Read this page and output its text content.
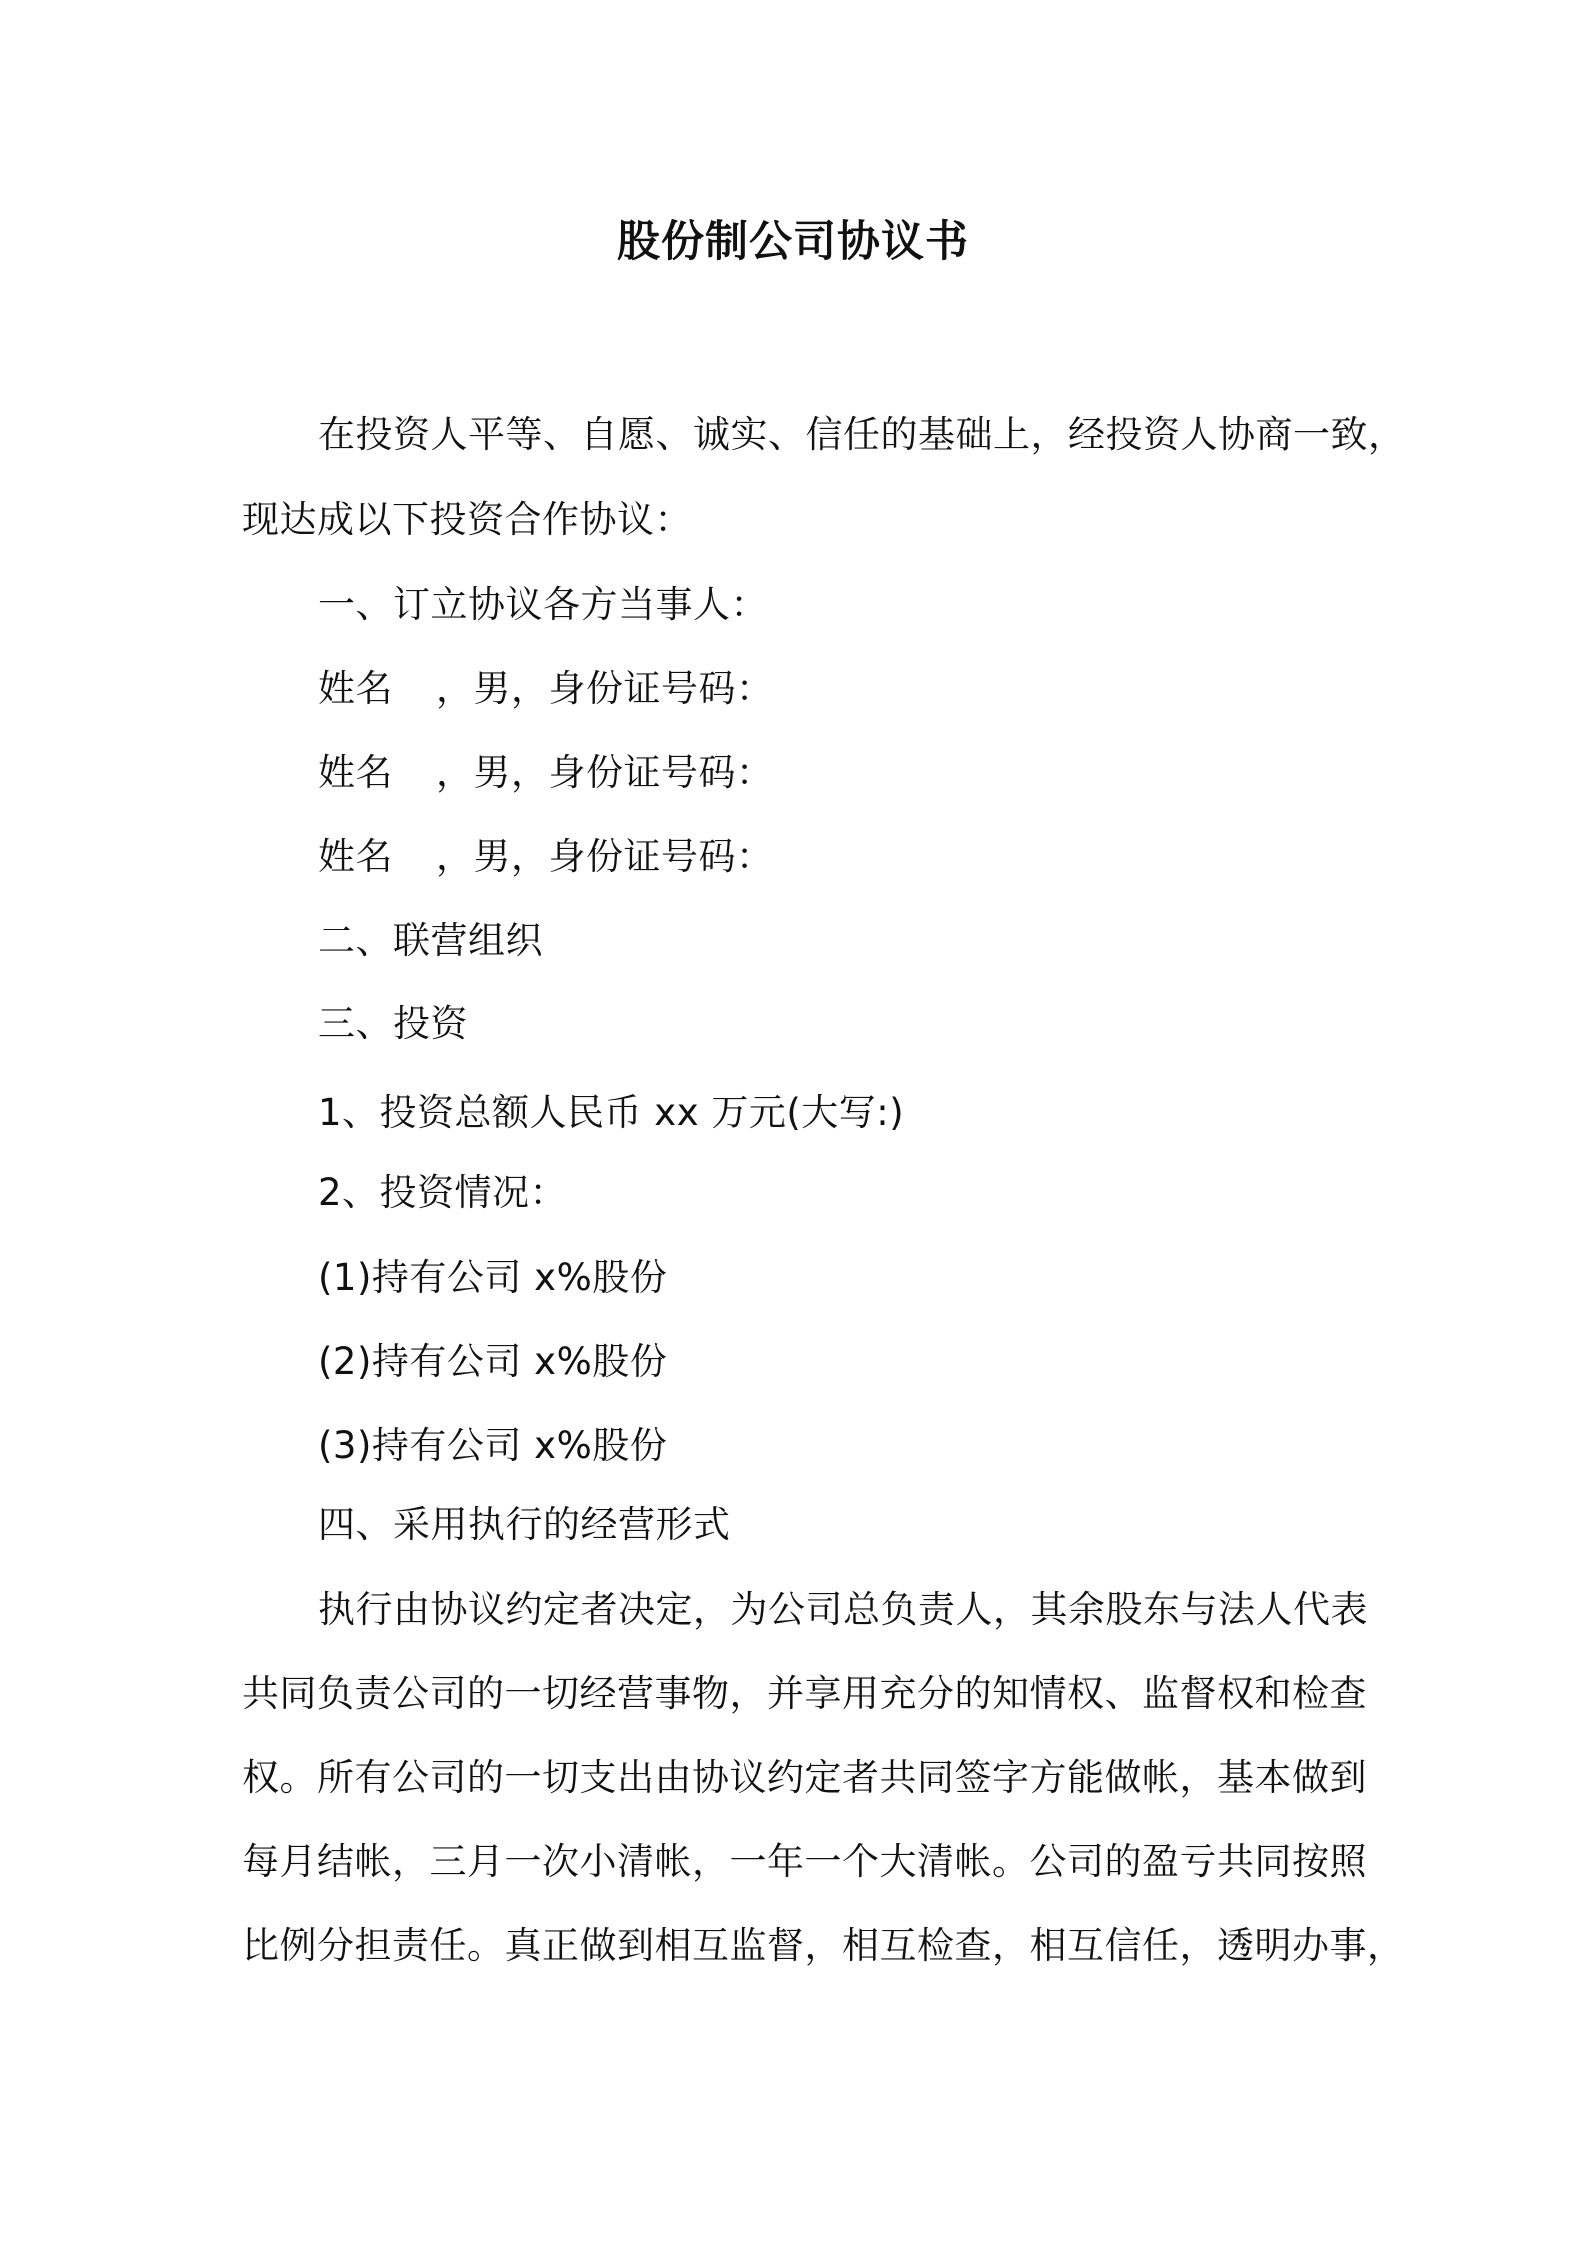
股份制公司协议书
在投资人平等、自愿、诚实、信任的基础上，经投资人协商一致，
现达成以下投资合作协议：
一、订立协议各方当事人：
姓名 ，男，身份证号码：
姓名 ，男，身份证号码：
姓名 ，男，身份证号码：
二、联营组织
三、投资
1、投资总额人民币 xx 万元(大写:)
2、投资情况：
(1)持有公司 x%股份
(2)持有公司 x%股份
(3)持有公司 x%股份
四、采用执行的经营形式
执行由协议约定者决定，为公司总负责人，其余股东与法人代表
共同负责公司的一切经营事物，并享用充分的知情权、监督权和检查
权。所有公司的一切支出由协议约定者共同签字方能做帐，基本做到
每月结帐，三月一次小清帐，一年一个大清帐。公司的盈亏共同按照
比例分担责任。真正做到相互监督，相互检查，相互信任，透明办事，
